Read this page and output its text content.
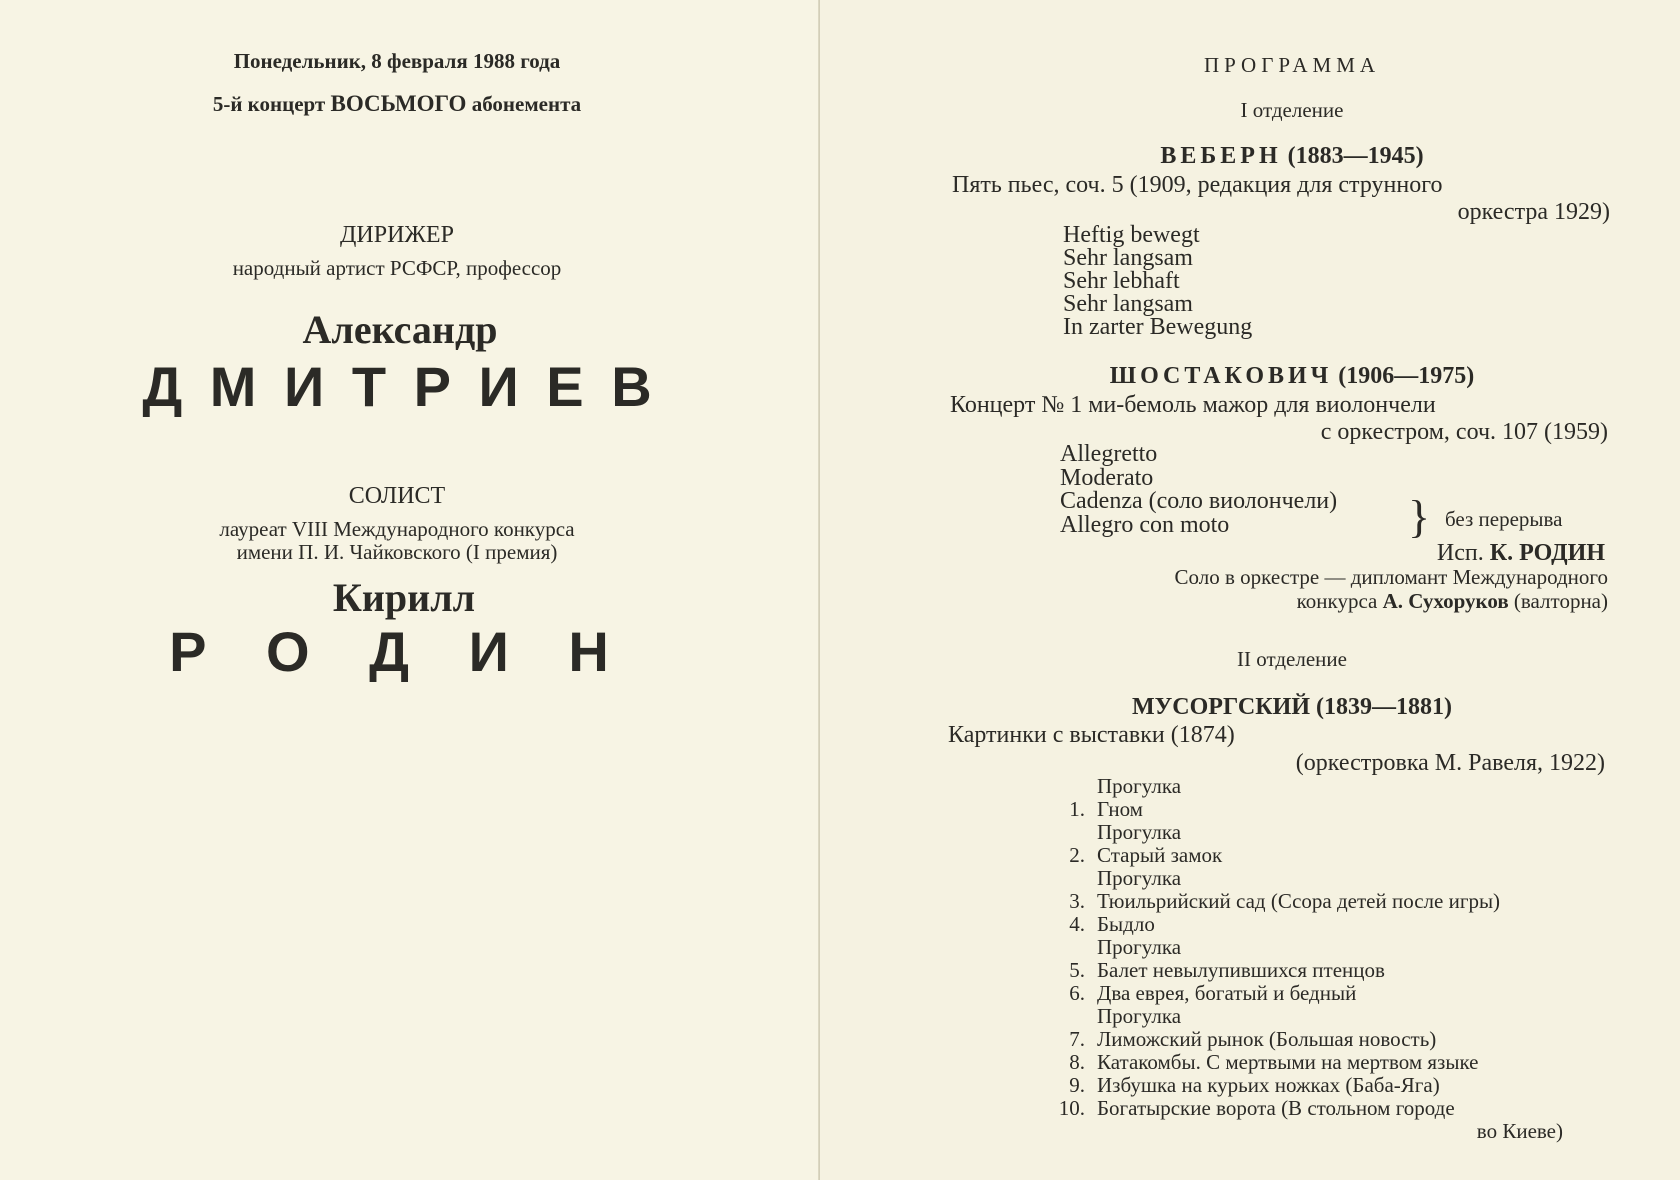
Понедельник, 8 февраля 1988 года
5-й концерт ВОСЬМОГО абонемента
ДИРИЖЕР
народный артист РСФСР, профессор
Александр
Д М И Т Р И Е В
СОЛИСТ
лауреат VIII Международного конкурса
имени П. И. Чайковского (I премия)
Кирилл
Р О Д И Н
ПРОГРАММА
I отделение
ВЕБЕРН (1883—1945)
Пять пьес, соч. 5 (1909, редакция для струнного
оркестра 1929)
Heftig bewegt
Sehr langsam
Sehr lebhaft
Sehr langsam
In zarter Bewegung
ШОСТАКОВИЧ (1906—1975)
Концерт № 1 ми-бемоль мажор для виолончели
с оркестром, соч. 107 (1959)
Allegretto
Moderato
Cadenza (соло виолончели)
Allegro con moto	} без перерыва
Исп. К. РОДИН
Соло в оркестре — дипломант Международного
конкурса А. Сухоруков (валторна)
II отделение
МУСОРГСКИЙ (1839—1881)
Картинки с выставки (1874)
(оркестровка М. Равеля, 1922)
Прогулка
1. Гном
Прогулка
2. Старый замок
Прогулка
3. Тюильрийский сад (Ссора детей после игры)
4. Быдло
Прогулка
5. Балет невылупившихся птенцов
6. Два еврея, богатый и бедный
Прогулка
7. Лиможский рынок (Большая новость)
8. Катакомбы. С мертвыми на мертвом языке
9. Избушка на курьих ножках (Баба-Яга)
10. Богатырские ворота (В стольном городе
во Киеве)
